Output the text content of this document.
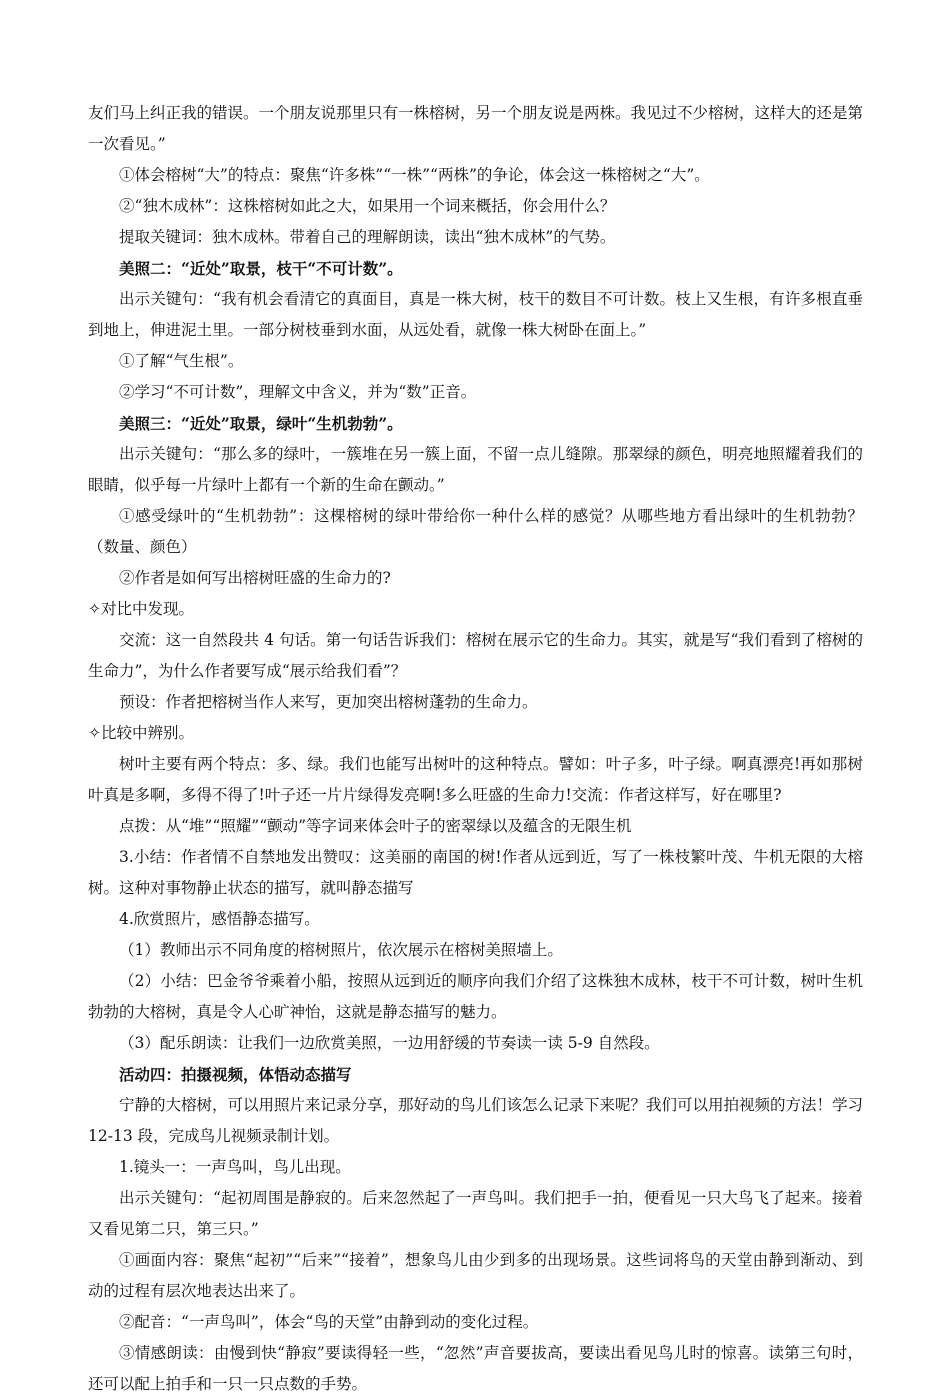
友们马上纠正我的错误。一个朋友说那里只有一株榕树，另一个朋友说是两株。我见过不少榕树，这样大的还是第一次看见。”

①体会榕树“大”的特点：聚焦“许多株”“一株”“两株”的争论，体会这一株榕树之“大”。

②“独木成林”：这株榕树如此之大，如果用一个词来概括，你会用什么？

提取关键词：独木成林。带着自己的理解朗读，读出“独木成林”的气势。

美照二：“近处”取景，枝干“不可计数”。

出示关键句：“我有机会看清它的真面目，真是一株大树，枝干的数目不可计数。枝上又生根，有许多根直垂到地上，伸进泥土里。一部分树枝垂到水面，从远处看，就像一株大树卧在面上。”

①了解“气生根”。

②学习“不可计数”，理解文中含义，并为“数”正音。

美照三：“近处”取景，绿叶“生机勃勃”。

出示关键句：“那么多的绿叶，一簇堆在另一簇上面，不留一点儿缝隙。那翠绿的颜色，明亮地照耀着我们的眼睛，似乎每一片绿叶上都有一个新的生命在颤动。”

①感受绿叶的“生机勃勃”：这棵榕树的绿叶带给你一种什么样的感觉？从哪些地方看出绿叶的生机勃勃？（数量、颜色）

②作者是如何写出榕树旺盛的生命力的?

✧对比中发现。

交流：这一自然段共 4 句话。第一句话告诉我们：榕树在展示它的生命力。其实，就是写“我们看到了榕树的生命力”，为什么作者要写成“展示给我们看”？

预设：作者把榕树当作人来写，更加突出榕树蓬勃的生命力。

✧比较中辨别。

树叶主要有两个特点：多、绿。我们也能写出树叶的这种特点。譬如：叶子多，叶子绿。啊真漂亮!再如那树叶真是多啊，多得不得了!叶子还一片片绿得发亮啊!多么旺盛的生命力!交流：作者这样写，好在哪里?

点拨：从“堆”“照耀”“颤动”等字词来体会叶子的密翠绿以及蕴含的无限生机

3.小结：作者情不自禁地发出赞叹：这美丽的南国的树!作者从远到近，写了一株枝繁叶茂、牛机无限的大榕树。这种对事物静止状态的描写，就叫静态描写

4.欣赏照片，感悟静态描写。

（1）教师出示不同角度的榕树照片，依次展示在榕树美照墙上。

（2）小结：巴金爷爷乘着小船，按照从远到近的顺序向我们介绍了这株独木成林，枝干不可计数，树叶生机勃勃的大榕树，真是令人心旷神怡，这就是静态描写的魅力。

（3）配乐朗读：让我们一边欣赏美照，一边用舒缓的节奏读一读 5-9 自然段。

活动四：拍摄视频，体悟动态描写

宁静的大榕树，可以用照片来记录分享，那好动的鸟儿们该怎么记录下来呢？我们可以用拍视频的方法！学习 12-13 段，完成鸟儿视频录制计划。

1.镜头一：一声鸟叫，鸟儿出现。

出示关键句：“起初周围是静寂的。后来忽然起了一声鸟叫。我们把手一拍，便看见一只大鸟飞了起来。接着又看见第二只，第三只。”

①画面内容：聚焦“起初”“后来”“接着”，想象鸟儿由少到多的出现场景。这些词将鸟的天堂由静到渐动、到动的过程有层次地表达出来了。

②配音：“一声鸟叫”，体会“鸟的天堂”由静到动的变化过程。

③情感朗读：由慢到快“静寂”要读得轻一些，“忽然”声音要拔高，要读出看见鸟儿时的惊喜。读第三句时，还可以配上拍手和一只一只点数的手势。
